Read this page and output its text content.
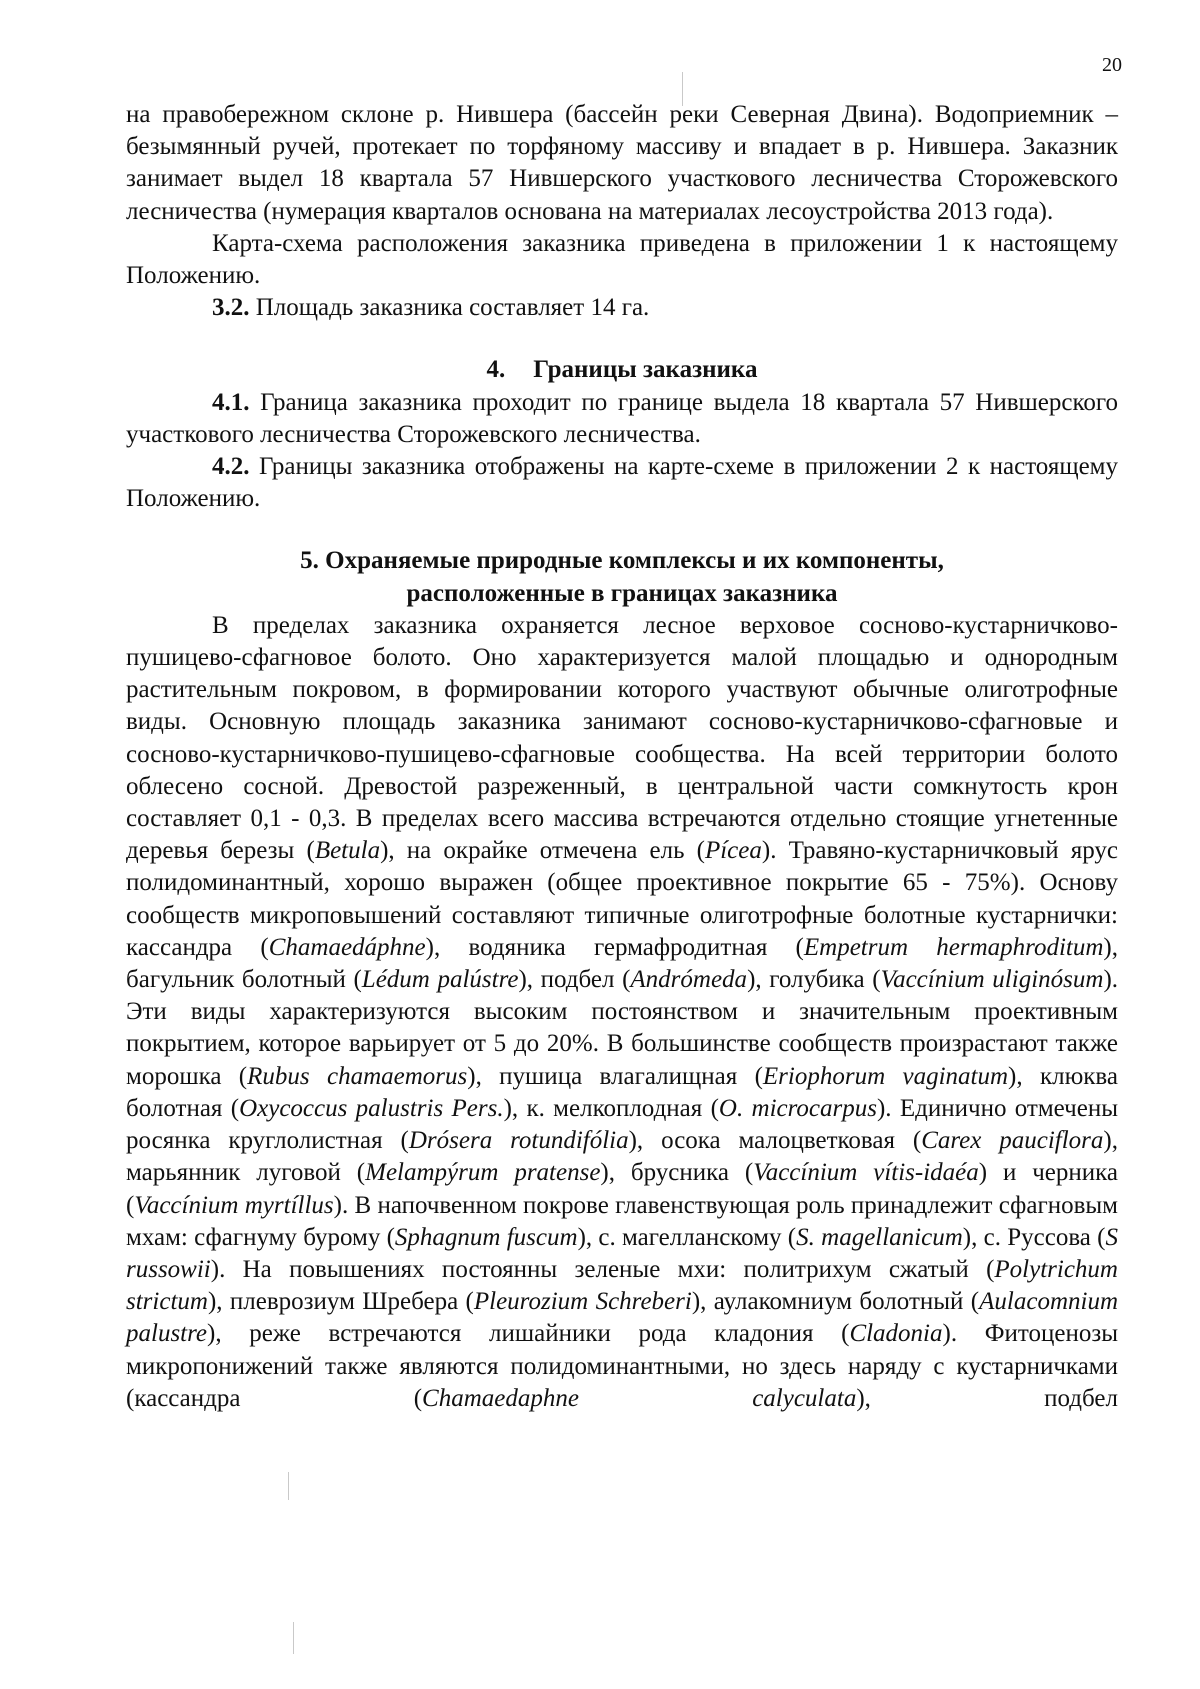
20

на правобережном склоне р. Нившера (бассейн реки Северная Двина). Водоприемник – безымянный ручей, протекает по торфяному массиву и впадает в р. Нившера. Заказник занимает выдел 18 квартала 57 Нившерского участкового лесничества Сторожевского лесничества (нумерация кварталов основана на материалах лесоустройства 2013 года).

Карта-схема расположения заказника приведена в приложении 1 к настоящему Положению.

3.2. Площадь заказника составляет 14 га.

4. Границы заказника

4.1. Граница заказника проходит по границе выдела 18 квартала 57 Нившерского участкового лесничества Сторожевского лесничества.

4.2. Границы заказника отображены на карте-схеме в приложении 2 к настоящему Положению.

5. Охраняемые природные комплексы и их компоненты,
расположенные в границах заказника

В пределах заказника охраняется лесное верховое сосново-кустарничково-пушицево-сфагновое болото. Оно характеризуется малой площадью и однородным растительным покровом, в формировании которого участвуют обычные олиготрофные виды. Основную площадь заказника занимают сосново-кустарничково-сфагновые и сосново-кустарничково-пушицево-сфагновые сообщества. На всей территории болото облесено сосной. Древостой разреженный, в центральной части сомкнутость крон составляет 0,1 - 0,3. В пределах всего массива встречаются отдельно стоящие угнетенные деревья березы (Betula), на окрайке отмечена ель (Pícea). Травяно-кустарничковый ярус полидоминантный, хорошо выражен (общее проективное покрытие 65 - 75%). Основу сообществ микроповышений составляют типичные олиготрофные болотные кустарнички: кассандра (Chamaedáphne), водяника гермафродитная (Empetrum hermaphroditum), багульник болотный (Lédum palústre), подбел (Andrómeda), голубика (Vaccínium uliginósum). Эти виды характеризуются высоким постоянством и значительным проективным покрытием, которое варьирует от 5 до 20%. В большинстве сообществ произрастают также морошка (Rubus chamaemorus), пушица влагалищная (Eriophorum vaginatum), клюква болотная (Oxycoccus palustris Pers.), к. мелкоплодная (O. microcarpus). Единично отмечены росянка круглолистная (Drósera rotundifólia), осока малоцветковая (Carex pauciflora), марьянник луговой (Melampýrum pratense), брусника (Vaccínium vítis-idaéa) и черника (Vaccínium myrtíllus). В напочвенном покрове главенствующая роль принадлежит сфагновым мхам: сфагнуму бурому (Sphagnum fuscum), с. магелланскому (S. magellanicum), с. Руссова (S russowii). На повышениях постоянны зеленые мхи: политрихум сжатый (Polytrichum strictum), плеврозиум Шребера (Pleurozium Schreberi), аулакомниум болотный (Aulacomnium palustre), реже встречаются лишайники рода кладония (Cladonia). Фитоценозы микропонижений также являются полидоминантными, но здесь наряду с кустарничками (кассандра (Chamaedaphne calyculata), подбел
